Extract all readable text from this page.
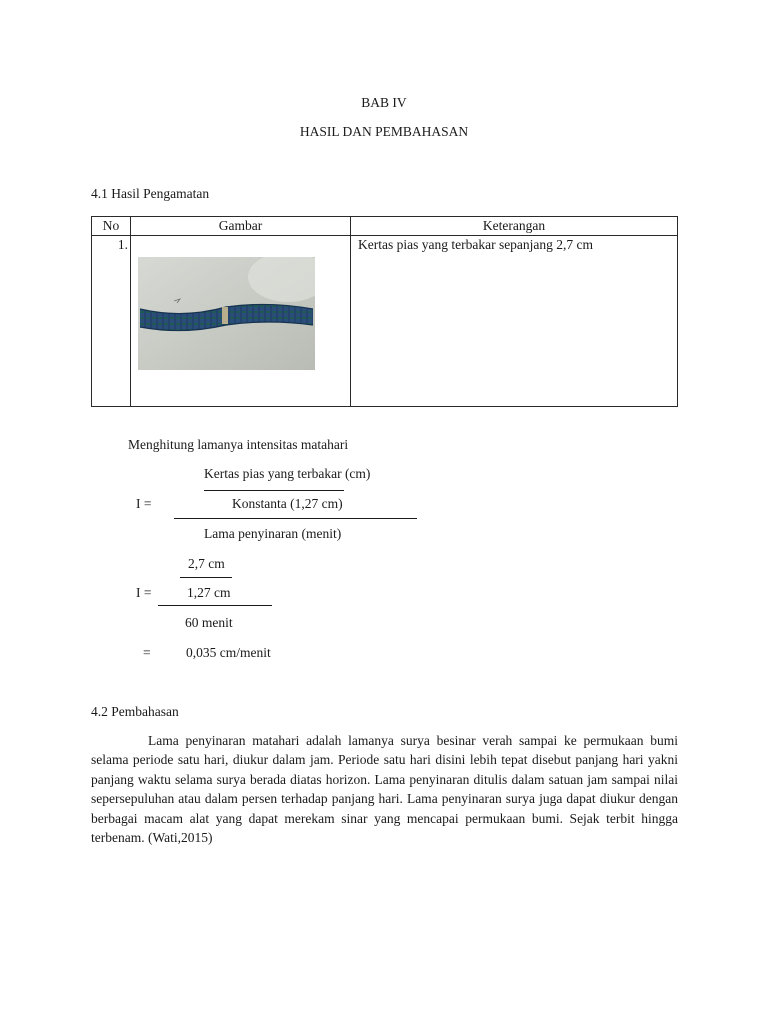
BAB IV
HASIL DAN PEMBAHASAN
4.1 Hasil Pengamatan
No	Gambar	Keterangan
1.		Kertas pias yang terbakar sepanjang 2,7 cm
Menghitung lamanya intensitas matahari
Kertas pias yang terbakar (cm)
I =	Konstanta (1,27 cm)
Lama penyinaran (menit)
2,7 cm
I =	1,27 cm
60 menit
=	0,035 cm/menit
4.2 Pembahasan
Lama penyinaran matahari adalah lamanya surya besinar verah sampai ke permukaan bumi selama periode satu hari, diukur dalam jam. Periode satu hari disini lebih tepat disebut panjang hari yakni panjang waktu selama surya berada diatas horizon. Lama penyinaran ditulis dalam satuan jam sampai nilai sepersepuluhan atau dalam persen terhadap panjang hari. Lama penyinaran surya juga dapat diukur dengan berbagai macam alat yang dapat merekam sinar yang mencapai permukaan bumi. Sejak terbit hingga terbenam. (Wati,2015)
